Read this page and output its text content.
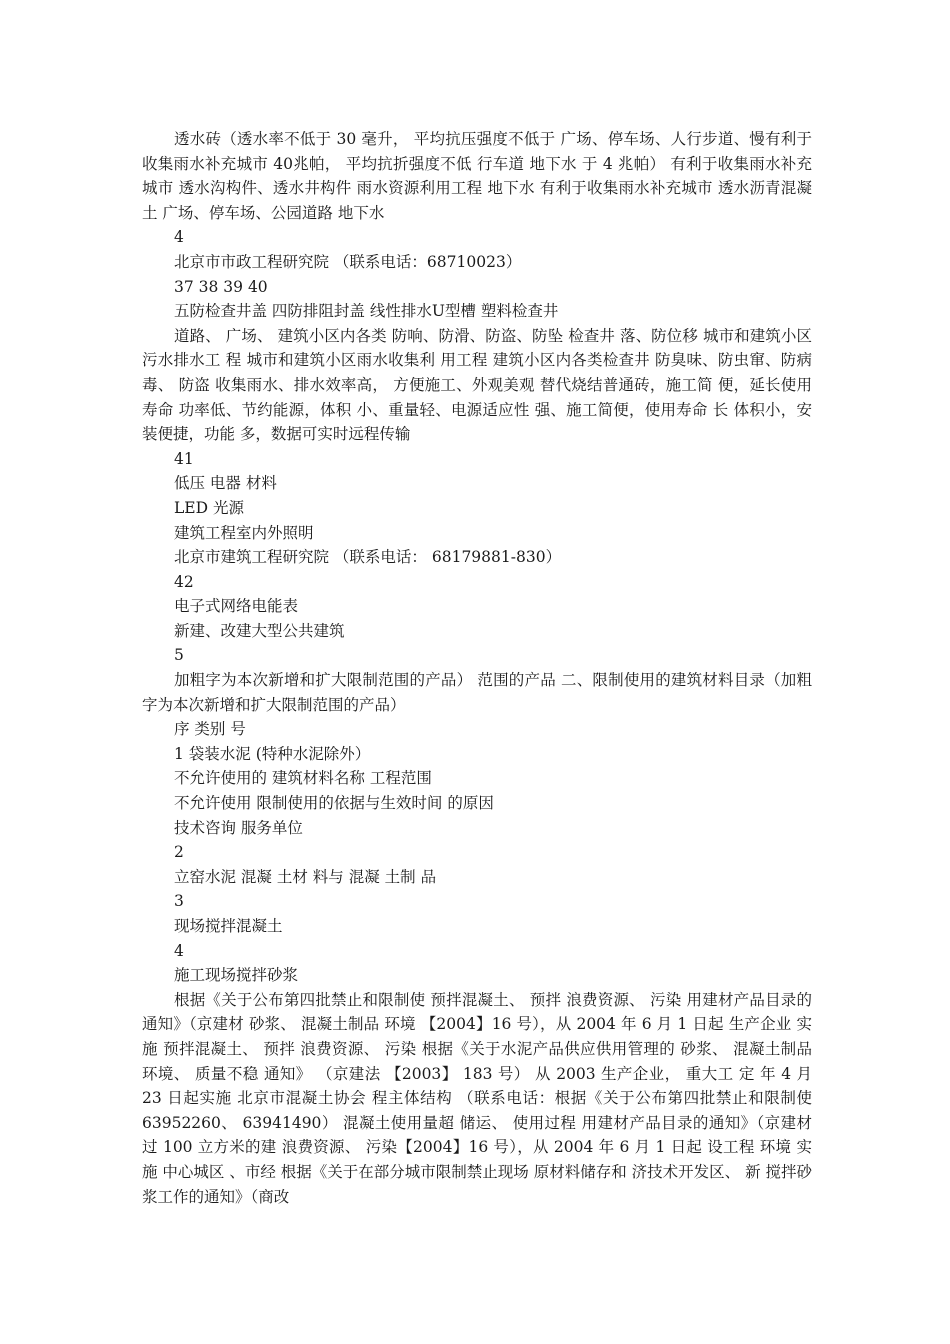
透水砖（透水率不低于 30 毫升， 平均抗压强度不低于 广场、停车场、人行步道、慢有利于收集雨水补充城市 40兆帕， 平均抗折强度不低 行车道 地下水 于 4 兆帕） 有利于收集雨水补充城市 透水沟构件、透水井构件 雨水资源利用工程 地下水 有利于收集雨水补充城市 透水沥青混凝土 广场、停车场、公园道路 地下水

4

北京市市政工程研究院 （联系电话：68710023）

37 38 39 40

五防检查井盖 四防排阻封盖 线性排水U型槽 塑料检查井

道路、 广场、 建筑小区内各类 防响、防滑、防盗、防坠 检查井 落、防位移 城市和建筑小区污水排水工 程 城市和建筑小区雨水收集利 用工程 建筑小区内各类检查井 防臭味、防虫窜、防病毒、 防盗 收集雨水、排水效率高， 方便施工、外观美观 替代烧结普通砖，施工简 便，延长使用寿命 功率低、节约能源，体积 小、重量轻、电源适应性 强、施工简便，使用寿命 长 体积小，安装便捷，功能 多，数据可实时远程传输

41

低压 电器 材料

LED 光源

建筑工程室内外照明

北京市建筑工程研究院 （联系电话： 68179881-830）

42

电子式网络电能表

新建、改建大型公共建筑

5

加粗字为本次新增和扩大限制范围的产品） 范围的产品 二、限制使用的建筑材料目录（加粗字为本次新增和扩大限制范围的产品）

序 类别 号

1 袋装水泥 (特种水泥除外）

不允许使用的 建筑材料名称 工程范围

不允许使用 限制使用的依据与生效时间 的原因

技术咨询 服务单位

2

立窑水泥 混凝 土材 料与 混凝 土制 品

3

现场搅拌混凝土

4

施工现场搅拌砂浆

根据《关于公布第四批禁止和限制使 预拌混凝土、 预拌 浪费资源、 污染 用建材产品目录的通知》（京建材 砂浆、 混凝土制品 环境 【2004】16 号），从 2004 年 6 月 1 日起 生产企业 实施 预拌混凝土、 预拌 浪费资源、 污染 根据《关于水泥产品供应供用管理的 砂浆、 混凝土制品 环境、 质量不稳 通知》 （京建法 【2003】 183 号） 从 2003 生产企业， 重大工 定 年 4 月 23 日起实施 北京市混凝土协会 程主体结构 （联系电话：根据《关于公布第四批禁止和限制使 63952260、 63941490） 混凝土使用量超 储运、 使用过程 用建材产品目录的通知》（京建材 过 100 立方米的建 浪费资源、 污染【2004】16 号），从 2004 年 6 月 1 日起 设工程 环境 实施 中心城区 、市经 根据《关于在部分城市限制禁止现场 原材料储存和 济技术开发区、 新 搅拌砂浆工作的通知》（商改
